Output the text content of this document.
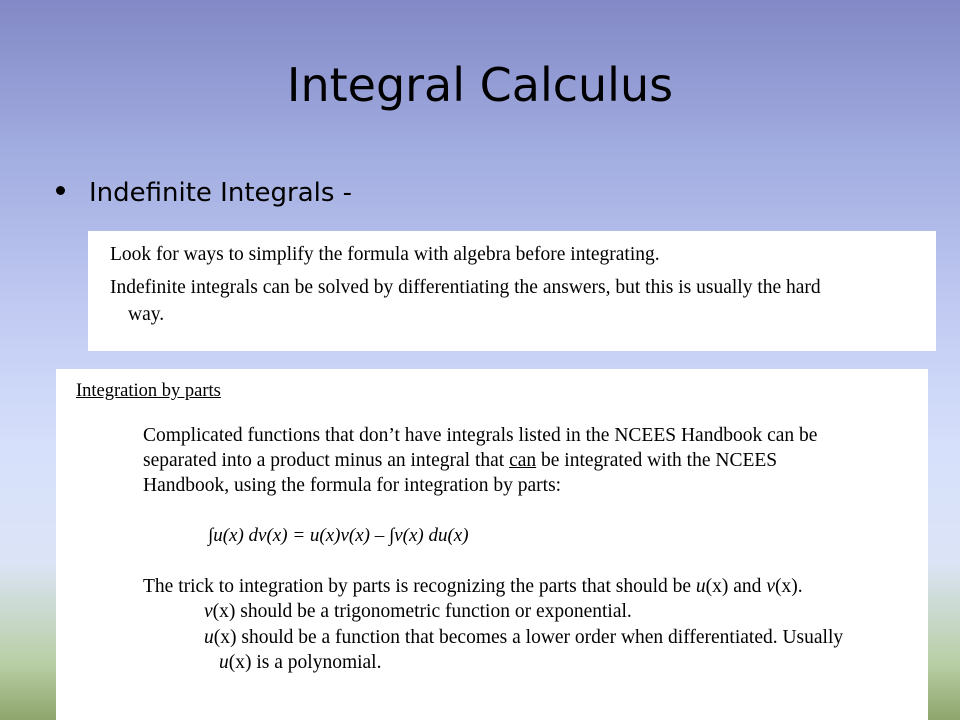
Integral Calculus
Indefinite Integrals -
Look for ways to simplify the formula with algebra before integrating.
Indefinite integrals can be solved by differentiating the answers, but this is usually the hard
way.
Integration by parts
Complicated functions that don’t have integrals listed in the NCEES Handbook can be
separated into a product minus an integral that can be integrated with the NCEES
Handbook, using the formula for integration by parts:
∫u(x) dv(x) = u(x)v(x) – ∫v(x) du(x)
The trick to integration by parts is recognizing the parts that should be u(x) and v(x).
v(x) should be a trigonometric function or exponential.
u(x) should be a function that becomes a lower order when differentiated. Usually
u(x) is a polynomial.
